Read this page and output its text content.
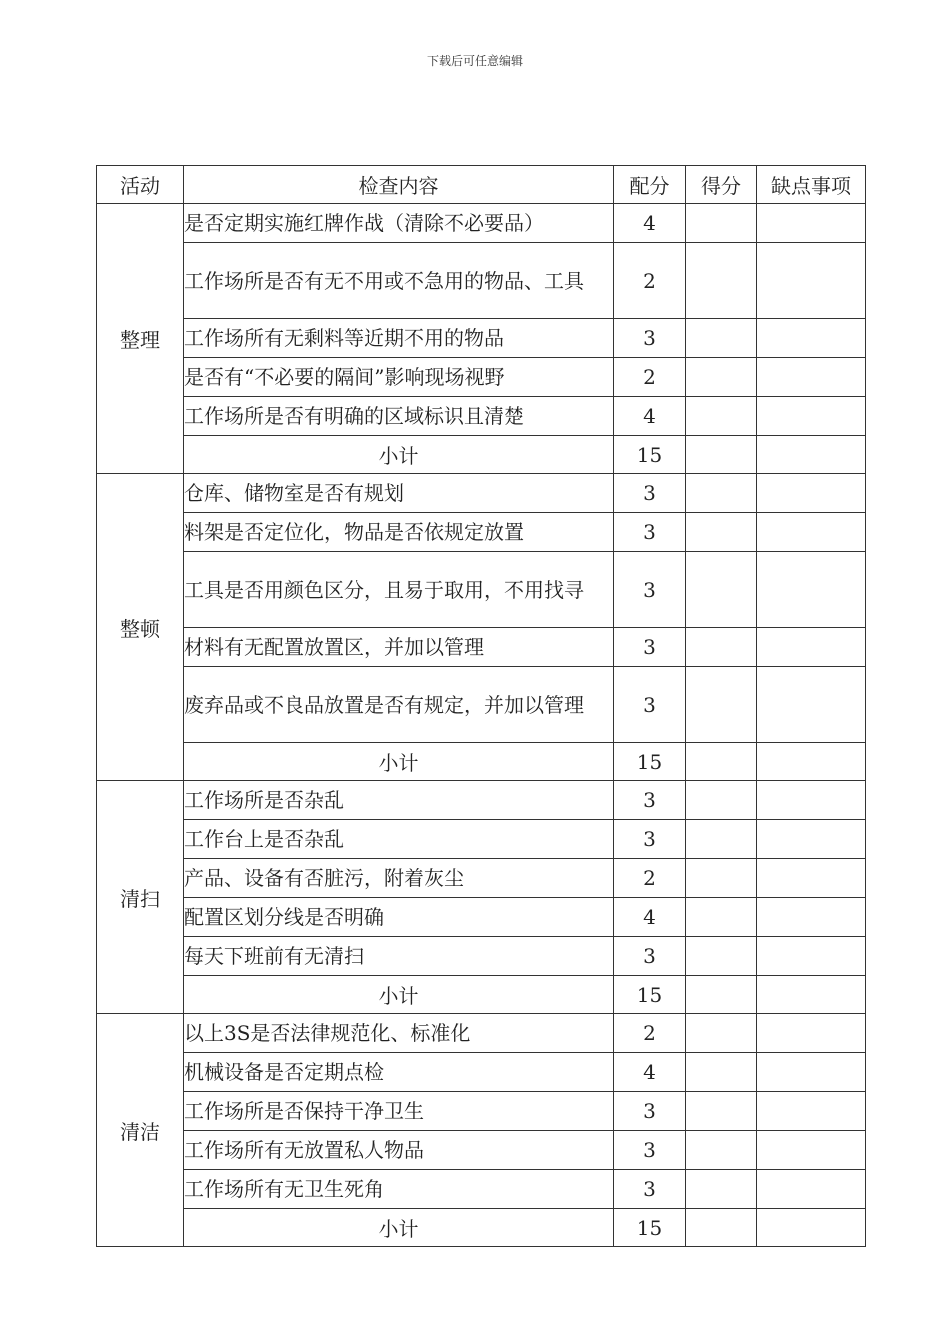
下载后可任意编辑
活动	检查内容	配分	得分	缺点事项
整理	是否定期实施红牌作战（清除不必要品）	4		
	工作场所是否有无不用或不急用的物品、工具	2		
	工作场所有无剩料等近期不用的物品	3		
	是否有“不必要的隔间”影响现场视野	2		
	工作场所是否有明确的区域标识且清楚	4		
	小计	15		
整顿	仓库、储物室是否有规划	3		
	料架是否定位化，物品是否依规定放置	3		
	工具是否用颜色区分，且易于取用，不用找寻	3		
	材料有无配置放置区，并加以管理	3		
	废弃品或不良品放置是否有规定，并加以管理	3		
	小计	15		
清扫	工作场所是否杂乱	3		
	工作台上是否杂乱	3		
	产品、设备有否脏污，附着灰尘	2		
	配置区划分线是否明确	4		
	每天下班前有无清扫	3		
	小计	15		
清洁	以上3S是否法律规范化、标准化	2		
	机械设备是否定期点检	4		
	工作场所是否保持干净卫生	3		
	工作场所有无放置私人物品	3		
	工作场所有无卫生死角	3		
	小计	15		
